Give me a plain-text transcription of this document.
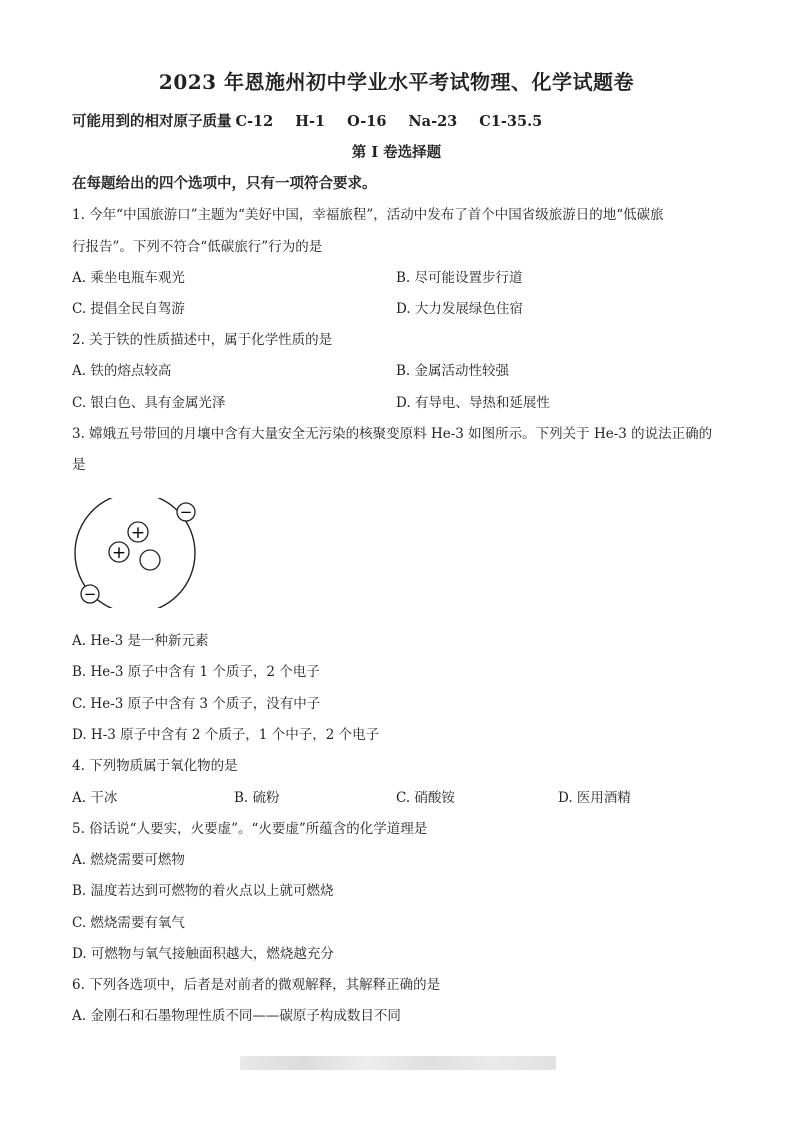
2023 年恩施州初中学业水平考试物理、化学试题卷
可能用到的相对原子质量 C-12 H-1 O-16 Na-23 C1-35.5
第 I 卷选择题
在每题给出的四个选项中，只有一项符合要求。
1. 今年“中国旅游口”主题为“美好中国，幸福旅程”，活动中发布了首个中国省级旅游日的地“低碳旅
行报告”。下列不符合“低碳旅行”行为的是
A. 乘坐电瓶车观光	B. 尽可能设置步行道
C. 提倡全民自驾游	D. 大力发展绿色住宿
2. 关于铁的性质描述中，属于化学性质的是
A. 铁的熔点较高	B. 金属活动性较强
C. 银白色、具有金属光泽	D. 有导电、导热和延展性
3. 嫦娥五号带回的月壤中含有大量安全无污染的核聚变原料 He-3 如图所示。下列关于 He-3 的说法正确的
是
+
+
−
−
A. He-3 是一种新元素
B. He-3 原子中含有 1 个质子，2 个电子
C. He-3 原子中含有 3 个质子，没有中子
D. H-3 原子中含有 2 个质子，1 个中子，2 个电子
4. 下列物质属于氧化物的是
A. 干冰	B. 硫粉	C. 硝酸铵	D. 医用酒精
5. 俗话说“人要实，火要虚”。“火要虚”所蕴含的化学道理是
A. 燃烧需要可燃物
B. 温度若达到可燃物的着火点以上就可燃烧
C. 燃烧需要有氧气
D. 可燃物与氧气接触面积越大，燃烧越充分
6. 下列各选项中，后者是对前者的微观解释，其解释正确的是
A. 金刚石和石墨物理性质不同——碳原子构成数目不同
